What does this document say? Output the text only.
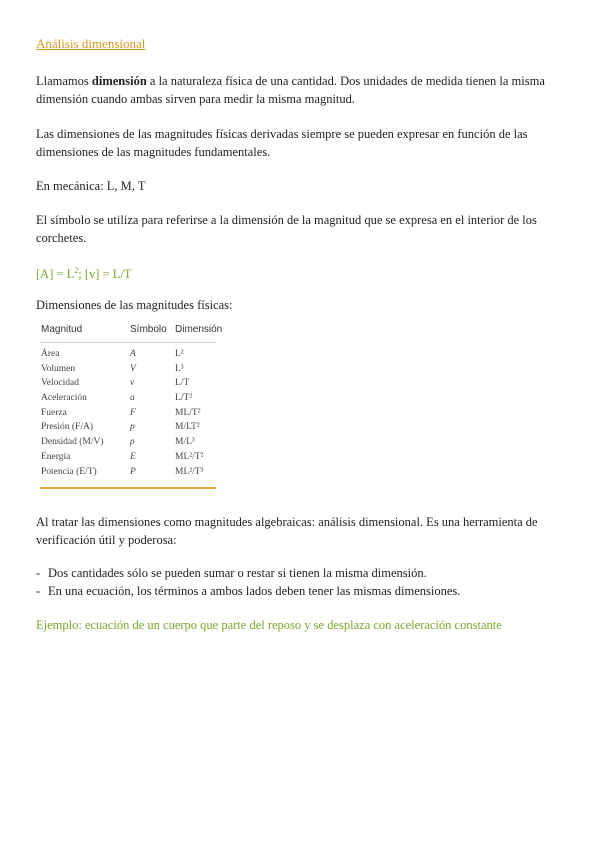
Análisis dimensional
Llamamos dimensión a la naturaleza física de una cantidad. Dos unidades de medida tienen la misma dimensión cuando ambas sirven para medir la misma magnitud.
Las dimensiones de las magnitudes físicas derivadas siempre se pueden expresar en función de las dimensiones de las magnitudes fundamentales.
En mecánica: L, M, T
El símbolo se utiliza para referirse a la dimensión de la magnitud que se expresa en el interior de los corchetes.
$[A] = L^2$; [v] = L/T
Dimensiones de las magnitudes físicas:
Magnitud	Símbolo Dimensión
Área	A	L²
Volumen	V	L³
Velocidad	v	L/T
Aceleración	a	L/T²
Fuerza	F	ML/T²
Presión (F/A)	p	M/LT²
Densidad (M/V)	ρ	M/L³
Energía	E	ML²/T²
Potencia (E/T)	P	ML²/T³
Al tratar las dimensiones como magnitudes algebraicas: análisis dimensional. Es una herramienta de verificación útil y poderosa:
- Dos cantidades sólo se pueden sumar o restar si tienen la misma dimensión.
- En una ecuación, los términos a ambos lados deben tener las mismas dimensiones.
Ejemplo: ecuación de un cuerpo que parte del reposo y se desplaza con aceleración constante
